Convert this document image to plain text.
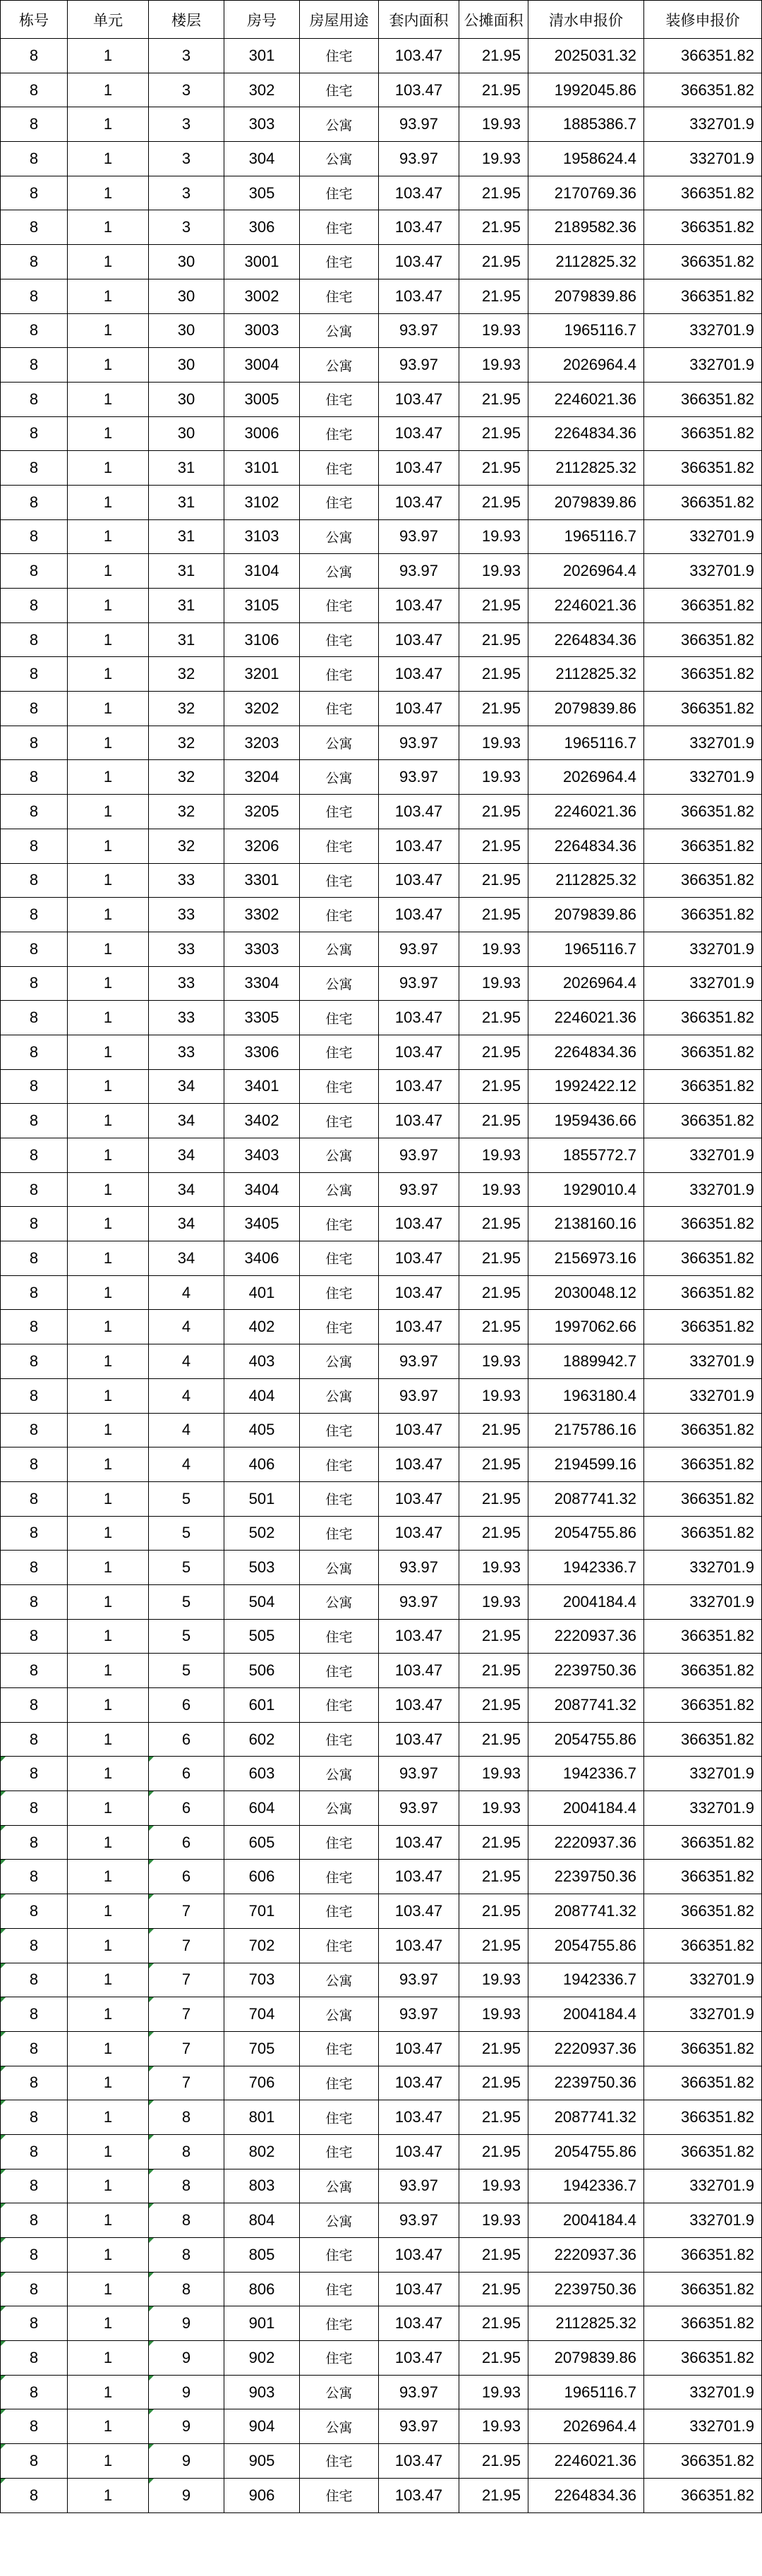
栋号	单元	楼层	房号	房屋用途	套内面积	公摊面积	清水申报价	装修申报价
8	1	3	301	住宅	103.47	21.95	2025031.32	366351.82
8	1	3	302	住宅	103.47	21.95	1992045.86	366351.82
8	1	3	303	公寓	93.97	19.93	1885386.7	332701.9
8	1	3	304	公寓	93.97	19.93	1958624.4	332701.9
8	1	3	305	住宅	103.47	21.95	2170769.36	366351.82
8	1	3	306	住宅	103.47	21.95	2189582.36	366351.82
8	1	30	3001	住宅	103.47	21.95	2112825.32	366351.82
8	1	30	3002	住宅	103.47	21.95	2079839.86	366351.82
8	1	30	3003	公寓	93.97	19.93	1965116.7	332701.9
8	1	30	3004	公寓	93.97	19.93	2026964.4	332701.9
8	1	30	3005	住宅	103.47	21.95	2246021.36	366351.82
8	1	30	3006	住宅	103.47	21.95	2264834.36	366351.82
8	1	31	3101	住宅	103.47	21.95	2112825.32	366351.82
8	1	31	3102	住宅	103.47	21.95	2079839.86	366351.82
8	1	31	3103	公寓	93.97	19.93	1965116.7	332701.9
8	1	31	3104	公寓	93.97	19.93	2026964.4	332701.9
8	1	31	3105	住宅	103.47	21.95	2246021.36	366351.82
8	1	31	3106	住宅	103.47	21.95	2264834.36	366351.82
8	1	32	3201	住宅	103.47	21.95	2112825.32	366351.82
8	1	32	3202	住宅	103.47	21.95	2079839.86	366351.82
8	1	32	3203	公寓	93.97	19.93	1965116.7	332701.9
8	1	32	3204	公寓	93.97	19.93	2026964.4	332701.9
8	1	32	3205	住宅	103.47	21.95	2246021.36	366351.82
8	1	32	3206	住宅	103.47	21.95	2264834.36	366351.82
8	1	33	3301	住宅	103.47	21.95	2112825.32	366351.82
8	1	33	3302	住宅	103.47	21.95	2079839.86	366351.82
8	1	33	3303	公寓	93.97	19.93	1965116.7	332701.9
8	1	33	3304	公寓	93.97	19.93	2026964.4	332701.9
8	1	33	3305	住宅	103.47	21.95	2246021.36	366351.82
8	1	33	3306	住宅	103.47	21.95	2264834.36	366351.82
8	1	34	3401	住宅	103.47	21.95	1992422.12	366351.82
8	1	34	3402	住宅	103.47	21.95	1959436.66	366351.82
8	1	34	3403	公寓	93.97	19.93	1855772.7	332701.9
8	1	34	3404	公寓	93.97	19.93	1929010.4	332701.9
8	1	34	3405	住宅	103.47	21.95	2138160.16	366351.82
8	1	34	3406	住宅	103.47	21.95	2156973.16	366351.82
8	1	4	401	住宅	103.47	21.95	2030048.12	366351.82
8	1	4	402	住宅	103.47	21.95	1997062.66	366351.82
8	1	4	403	公寓	93.97	19.93	1889942.7	332701.9
8	1	4	404	公寓	93.97	19.93	1963180.4	332701.9
8	1	4	405	住宅	103.47	21.95	2175786.16	366351.82
8	1	4	406	住宅	103.47	21.95	2194599.16	366351.82
8	1	5	501	住宅	103.47	21.95	2087741.32	366351.82
8	1	5	502	住宅	103.47	21.95	2054755.86	366351.82
8	1	5	503	公寓	93.97	19.93	1942336.7	332701.9
8	1	5	504	公寓	93.97	19.93	2004184.4	332701.9
8	1	5	505	住宅	103.47	21.95	2220937.36	366351.82
8	1	5	506	住宅	103.47	21.95	2239750.36	366351.82
8	1	6	601	住宅	103.47	21.95	2087741.32	366351.82
8	1	6	602	住宅	103.47	21.95	2054755.86	366351.82
8	1	6	603	公寓	93.97	19.93	1942336.7	332701.9
8	1	6	604	公寓	93.97	19.93	2004184.4	332701.9
8	1	6	605	住宅	103.47	21.95	2220937.36	366351.82
8	1	6	606	住宅	103.47	21.95	2239750.36	366351.82
8	1	7	701	住宅	103.47	21.95	2087741.32	366351.82
8	1	7	702	住宅	103.47	21.95	2054755.86	366351.82
8	1	7	703	公寓	93.97	19.93	1942336.7	332701.9
8	1	7	704	公寓	93.97	19.93	2004184.4	332701.9
8	1	7	705	住宅	103.47	21.95	2220937.36	366351.82
8	1	7	706	住宅	103.47	21.95	2239750.36	366351.82
8	1	8	801	住宅	103.47	21.95	2087741.32	366351.82
8	1	8	802	住宅	103.47	21.95	2054755.86	366351.82
8	1	8	803	公寓	93.97	19.93	1942336.7	332701.9
8	1	8	804	公寓	93.97	19.93	2004184.4	332701.9
8	1	8	805	住宅	103.47	21.95	2220937.36	366351.82
8	1	8	806	住宅	103.47	21.95	2239750.36	366351.82
8	1	9	901	住宅	103.47	21.95	2112825.32	366351.82
8	1	9	902	住宅	103.47	21.95	2079839.86	366351.82
8	1	9	903	公寓	93.97	19.93	1965116.7	332701.9
8	1	9	904	公寓	93.97	19.93	2026964.4	332701.9
8	1	9	905	住宅	103.47	21.95	2246021.36	366351.82
8	1	9	906	住宅	103.47	21.95	2264834.36	366351.82
